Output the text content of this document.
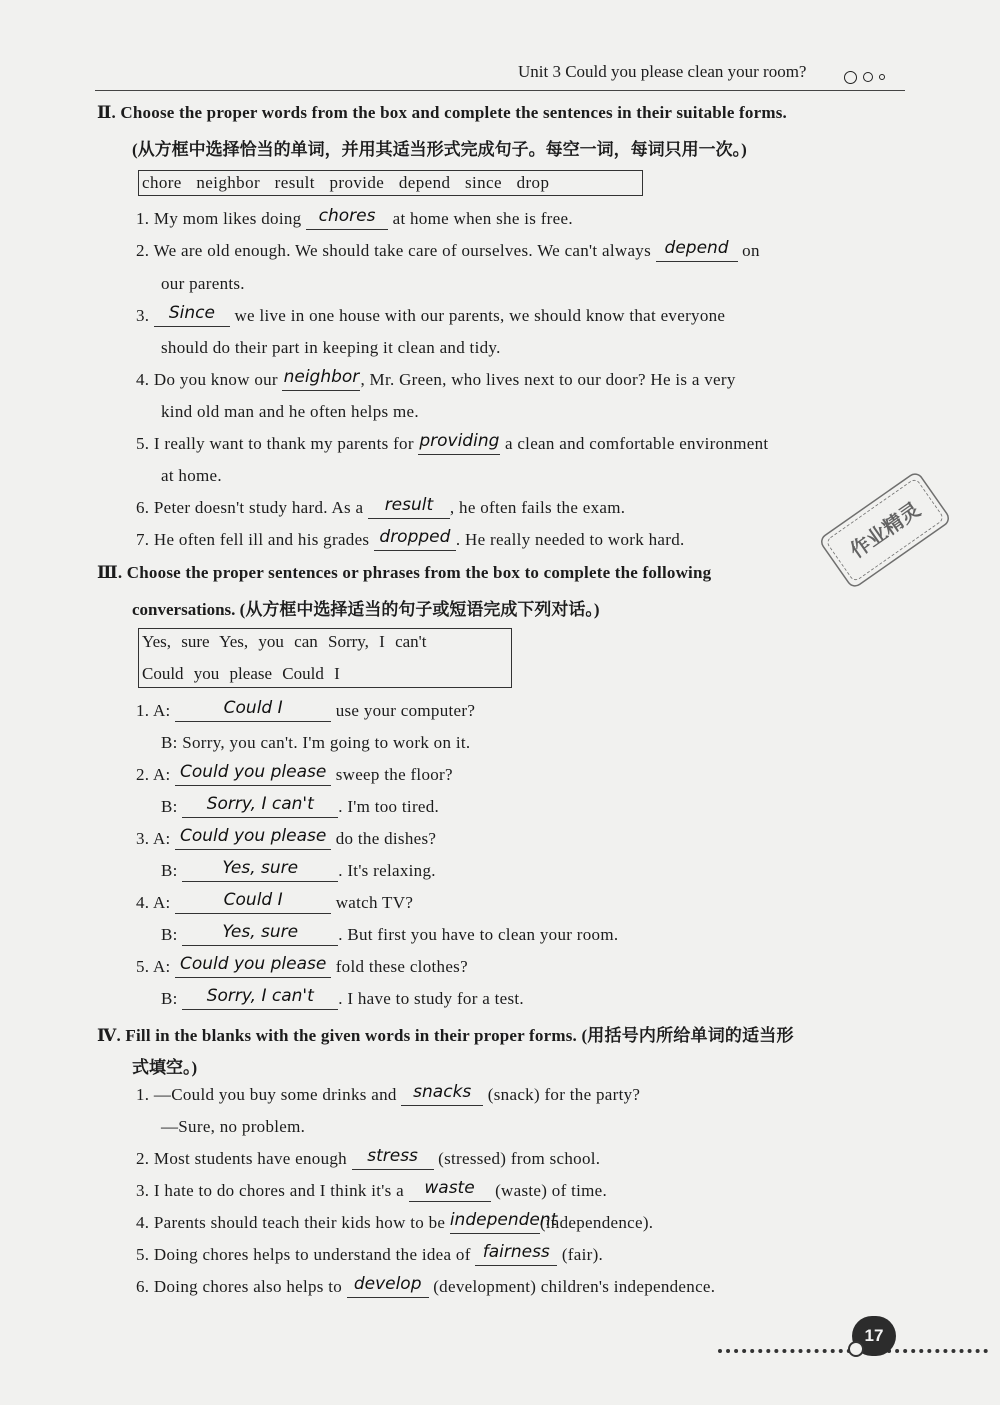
Unit 3 Could you please clean your room?
Ⅱ. Choose the proper words from the box and complete the sentences in their suitable forms.
(从方框中选择恰当的单词，并用其适当形式完成句子。每空一词，每词只用一次。)
chore neighbor result provide depend since drop
1. My mom likes doing chores at home when she is free.
2. We are old enough. We should take care of ourselves. We can't always depend on
our parents.
3. Since we live in one house with our parents, we should know that everyone
should do their part in keeping it clean and tidy.
4. Do you know our neighbor, Mr. Green, who lives next to our door? He is a very
kind old man and he often helps me.
5. I really want to thank my parents for providing a clean and comfortable environment
at home.
6. Peter doesn't study hard. As a result , he often fails the exam.
7. He often fell ill and his grades dropped . He really needed to work hard.
Ⅲ. Choose the proper sentences or phrases from the box to complete the following
conversations. (从方框中选择适当的句子或短语完成下列对话。)
Yes, sure Yes, you can Sorry, I can't
Could you please Could I
1. A:	Could I	use your computer?
B: Sorry, you can't. I'm going to work on it.
2. A: Could you please sweep the floor?
B: Sorry, I can't . I'm too tired.
3. A: Could you please do the dishes?
B:	Yes, sure . It's relaxing.
4. A:	Could I	watch TV?
B:	Yes, sure . But first you have to clean your room.
5. A: Could you please fold these clothes?
B: Sorry, I can't . I have to study for a test.
Ⅳ. Fill in the blanks with the given words in their proper forms. (用括号内所给单词的适当形
式填空。)
1. —Could you buy some drinks and snacks (snack) for the party?
—Sure, no problem.
2. Most students have enough stress (stressed) from school.
3. I hate to do chores and I think it's a waste (waste) of time.
4. Parents should teach their kids how to be independent(independence).
5. Doing chores helps to understand the idea of fairness (fair).
6. Doing chores also helps to develop (development) children's independence.
作业精灵
17
